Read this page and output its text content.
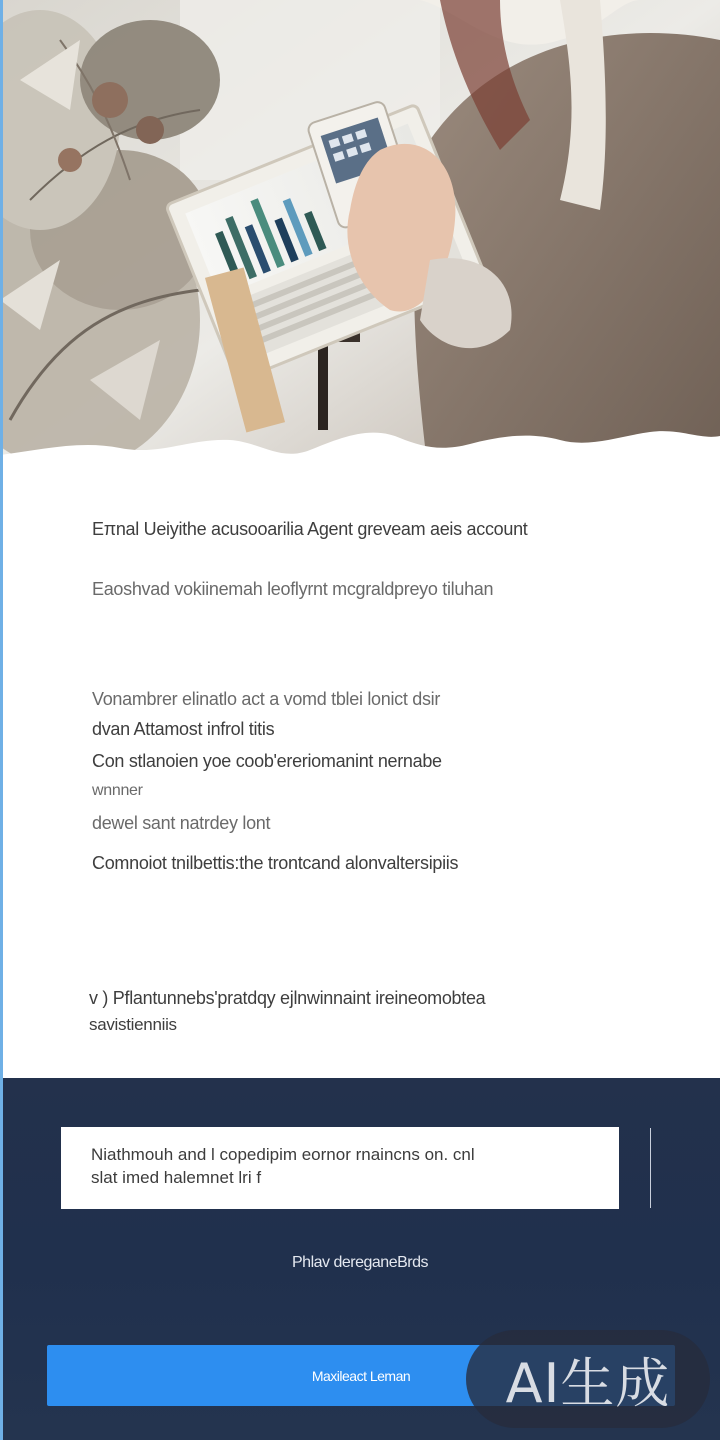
Eπnal Ueiyithe acusooarilia Agent greveam aeis account
Eaoshvad vokiinemah leoflyrnt mcgraldpreyo tiluhan
Vonambrer elinatlo act a vomd tblei lonict dsir
dvan Attamost infrol titis
Con stlanoien yoe coob'ereriomanint nernabe
wnnner
dewel sant natrdey lont
Comnoiot tnilbettis:the trontcand alonvaltersipiis
v ) Pflantunnebs'pratdqy ejlnwinnaint ireineomobtea
savistienniis
Niathmouh and l copedipim eornor rnaincns on. cnl
slat imed halemnet lri f
Phlav dereganeBrds
Maxileact Leman	AI生成
